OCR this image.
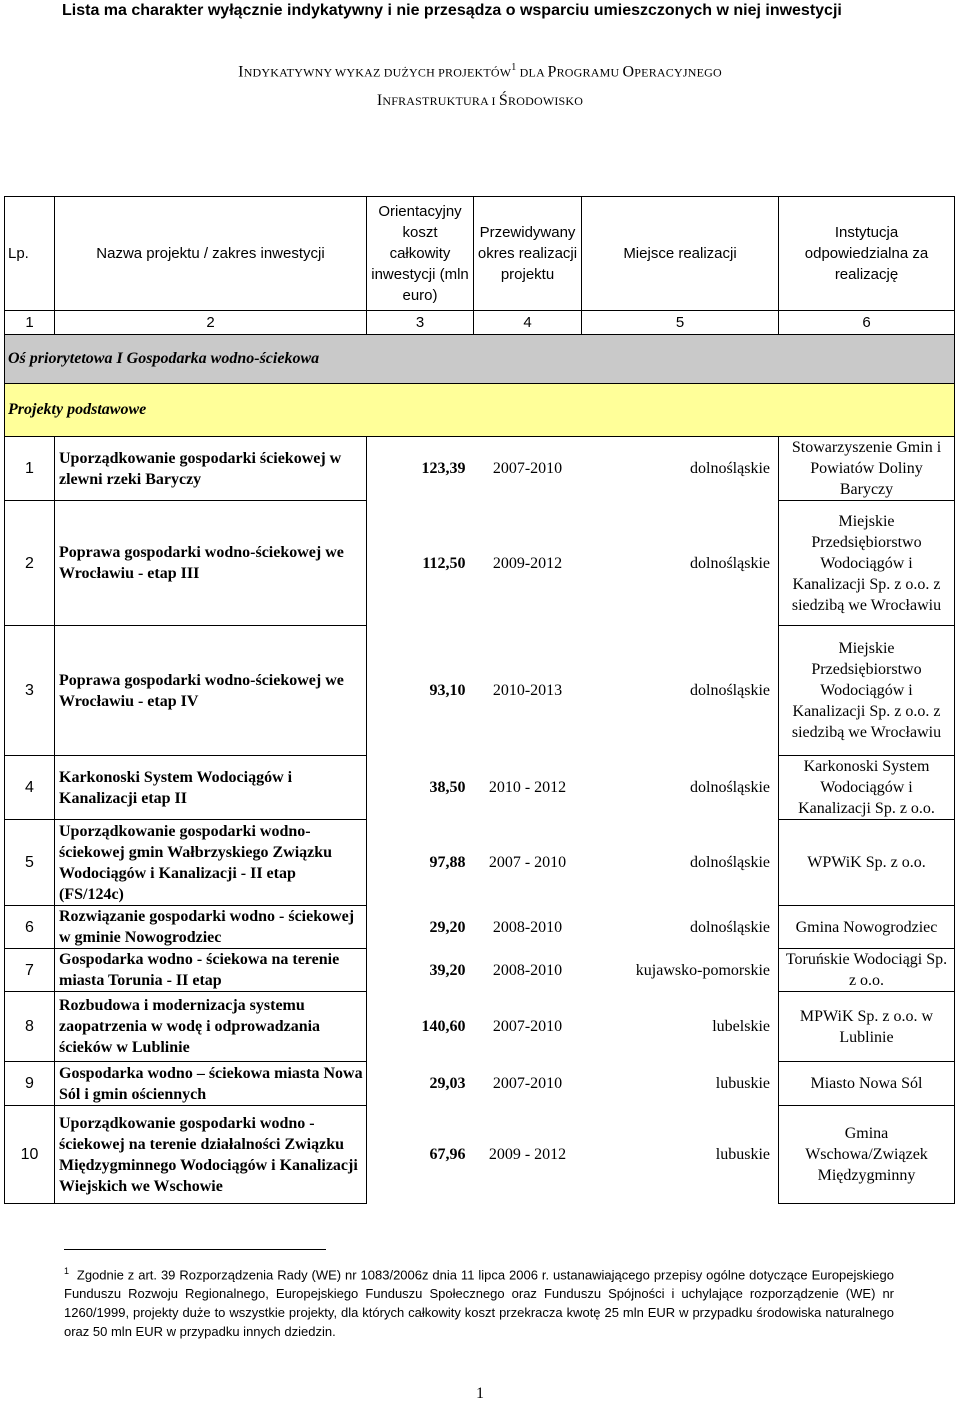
Lista ma charakter wyłącznie indykatywny i nie przesądza o wsparciu umieszczonych w niej inwestycji
INDYKATYWNY WYKAZ DUŻYCH PROJEKTÓW$^1$ DLA PROGRAMU OPERACYJNEGO
INFRASTRUKTURA I ŚRODOWISKO
Lp.	Nazwa projektu / zakres inwestycji	Orientacyjny koszt całkowity inwestycji (mln euro)	Przewidywany okres realizacji projektu	Miejsce realizacji	Instytucja odpowiedzialna za realizację
1	2	3	4	5	6
Oś priorytetowa I Gospodarka wodno-ściekowa					
Projekty podstawowe					
1	Uporządkowanie gospodarki ściekowej w zlewni rzeki Baryczy	123,39	2007-2010	dolnośląskie	Stowarzyszenie Gmin i Powiatów Doliny Baryczy
2	Poprawa gospodarki wodno-ściekowej we Wrocławiu - etap III	112,50	2009-2012	dolnośląskie	Miejskie Przedsiębiorstwo Wodociągów i Kanalizacji Sp. z o.o. z siedzibą we Wrocławiu
3	Poprawa gospodarki wodno-ściekowej we Wrocławiu - etap IV	93,10	2010-2013	dolnośląskie	Miejskie Przedsiębiorstwo Wodociągów i Kanalizacji Sp. z o.o. z siedzibą we Wrocławiu
4	Karkonoski System Wodociągów i Kanalizacji etap II	38,50	2010 - 2012	dolnośląskie	Karkonoski System Wodociągów i Kanalizacji Sp. z o.o.
5	Uporządkowanie gospodarki wodno-ściekowej gmin Wałbrzyskiego Związku Wodociągów i Kanalizacji - II etap (FS/124c)	97,88	2007 - 2010	dolnośląskie	WPWiK Sp. z o.o.
6	Rozwiązanie gospodarki wodno - ściekowej w gminie Nowogrodziec	29,20	2008-2010	dolnośląskie	Gmina Nowogrodziec
7	Gospodarka wodno - ściekowa na terenie miasta Torunia - II etap	39,20	2008-2010	kujawsko-pomorskie	Toruńskie Wodociągi Sp. z o.o.
8	Rozbudowa i modernizacja systemu zaopatrzenia w wodę i odprowadzania ścieków w Lublinie	140,60	2007-2010	lubelskie	MPWiK Sp. z o.o. w Lublinie
9	Gospodarka wodno – ściekowa miasta Nowa Sól i gmin ościennych	29,03	2007-2010	lubuskie	Miasto Nowa Sól
10	Uporządkowanie gospodarki wodno - ściekowej na terenie działalności Związku Międzygminnego Wodociągów i Kanalizacji Wiejskich we Wschowie	67,96	2009 - 2012	lubuskie	Gmina Wschowa/Związek Międzygminny
$^1$ Zgodnie z art. 39 Rozporządzenia Rady (WE) nr 1083/2006z dnia 11 lipca 2006 r. ustanawiającego przepisy ogólne dotyczące Europejskiego Funduszu Rozwoju Regionalnego, Europejskiego Funduszu Społecznego oraz Funduszu Spójności i uchylające rozporządzenie (WE) nr 1260/1999, projekty duże to wszystkie projekty, dla których całkowity koszt przekracza kwotę 25 mln EUR w przypadku środowiska naturalnego oraz 50 mln EUR w przypadku innych dziedzin.
1
